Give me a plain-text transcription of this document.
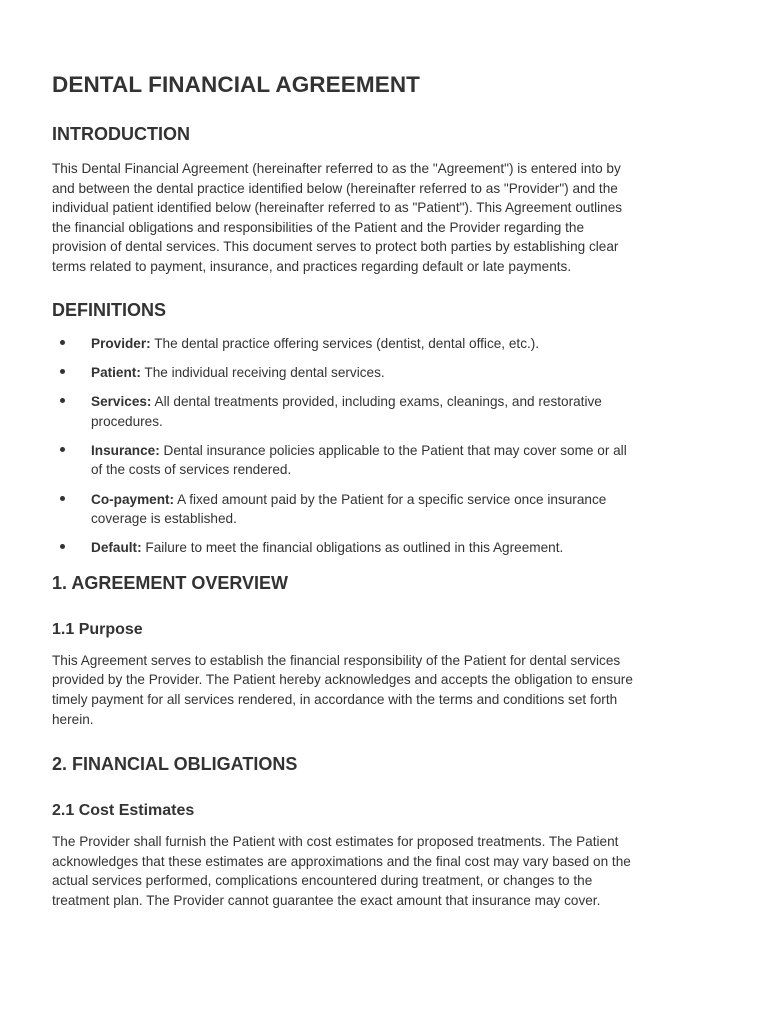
DENTAL FINANCIAL AGREEMENT
INTRODUCTION

This Dental Financial Agreement (hereinafter referred to as the "Agreement") is entered into by
and between the dental practice identified below (hereinafter referred to as "Provider") and the
individual patient identified below (hereinafter referred to as "Patient"). This Agreement outlines
the financial obligations and responsibilities of the Patient and the Provider regarding the
provision of dental services. This document serves to protect both parties by establishing clear
terms related to payment, insurance, and practices regarding default or late payments.

DEFINITIONS
Provider: The dental practice offering services (dentist, dental office, etc.).
Patient: The individual receiving dental services.
Services: All dental treatments provided, including exams, cleanings, and restorative
procedures.
Insurance: Dental insurance policies applicable to the Patient that may cover some or all
of the costs of services rendered.
Co-payment: A fixed amount paid by the Patient for a specific service once insurance
coverage is established.
Default: Failure to meet the financial obligations as outlined in this Agreement.
1. AGREEMENT OVERVIEW
1.1 Purpose

This Agreement serves to establish the financial responsibility of the Patient for dental services
provided by the Provider. The Patient hereby acknowledges and accepts the obligation to ensure
timely payment for all services rendered, in accordance with the terms and conditions set forth
herein.

2. FINANCIAL OBLIGATIONS
2.1 Cost Estimates

The Provider shall furnish the Patient with cost estimates for proposed treatments. The Patient
acknowledges that these estimates are approximations and the final cost may vary based on the
actual services performed, complications encountered during treatment, or changes to the
treatment plan. The Provider cannot guarantee the exact amount that insurance may cover.
